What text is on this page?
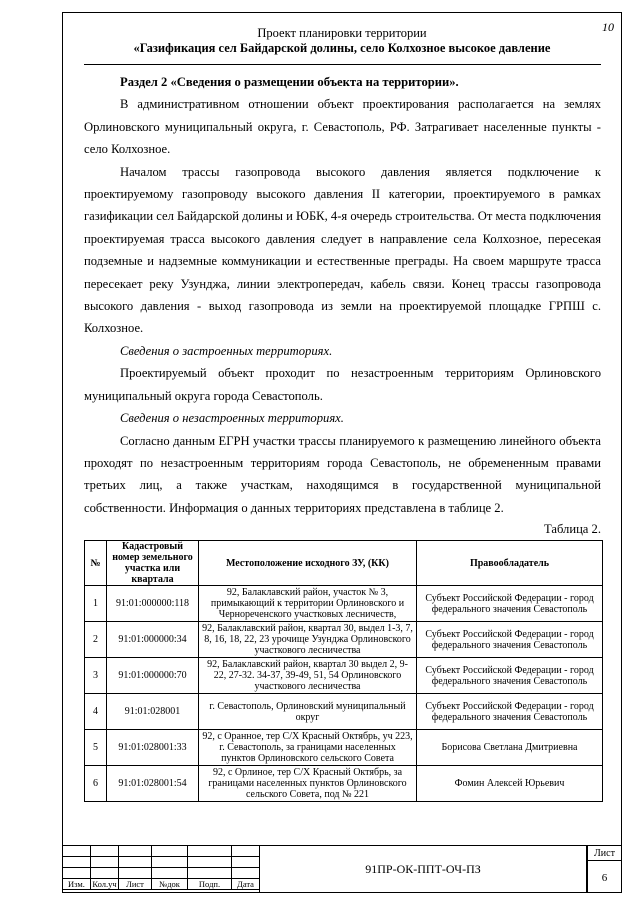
10
Проект планировки территории
«Газификация сел Байдарской долины, село Колхозное высокое давление

Раздел 2 «Сведения о размещении объекта на территории».

В административном отношении объект проектирования располагается на землях Орлиновского муниципальный округа, г. Севастополь, РФ. Затрагивает населенные пункты - село Колхозное.

Началом трассы газопровода высокого давления является подключение к проектируемому газопроводу высокого давления II категории, проектируемого в рамках газификации сел Байдарской долины и ЮБК, 4-я очередь строительства. От места подключения проектируемая трасса высокого давления следует в направление села Колхозное, пересекая подземные и надземные коммуникации и естественные преграды. На своем маршруте трасса пересекает реку Узунджа, линии электропередач, кабель связи. Конец трассы газопровода высокого давления - выход газопровода из земли на проектируемой площадке ГРПШ с. Колхозное.

Сведения о застроенных территориях.

Проектируемый объект проходит по незастроенным территориям Орлиновского муниципальный округа города Севастополь.

Сведения о незастроенных территориях.

Согласно данным ЕГРН участки трассы планируемого к размещению линейного объекта проходят по незастроенным территориям города Севастополь, не обремененным правами третьих лиц, а также участкам, находящимся в государственной муниципальной собственности. Информация о данных территориях представлена в таблице 2.

Таблица 2.

№	Кадастровый номер земельного участка или квартала	Местоположение исходного ЗУ, (КК)	Правообладатель
1	91:01:000000:118	92, Балаклавский район, участок № 3, примыкающий к территории Орлиновского и Чернореченского участковых лесничеств,	Субъект Российской Федерации - город федерального значения Севастополь
2	91:01:000000:34	92, Балаклавский район, квартал 30, выдел 1-3, 7, 8, 16, 18, 22, 23 урочище Узунджа Орлиновского участкового лесничества	Субъект Российской Федерации - город федерального значения Севастополь
3	91:01:000000:70	92, Балаклавский район, квартал 30 выдел 2, 9-22, 27-32. 34-37, 39-49, 51, 54 Орлиновского участкового лесничества	Субъект Российской Федерации - город федерального значения Севастополь
4	91:01:028001	г. Севастополь, Орлиновский муниципальный округ	Субъект Российской Федерации - город федерального значения Севастополь
5	91:01:028001:33	92, с Оранное, тер С/Х Красный Октябрь, уч 223, г. Севастополь, за границами населенных пунктов Орлиновского сельского Совета	Борисова Светлана Дмитриевна
6	91:01:028001:54	92, с Орлиное, тер С/Х Красный Октябрь, за границами населенных пунктов Орлиновского сельского Совета, под № 221	Фомин Алексей Юрьевич

Изм.	Кол.уч	Лист	№док	Подп.	Дата
91ПР-ОК-ППТ-ОЧ-ПЗ
Лист
6
